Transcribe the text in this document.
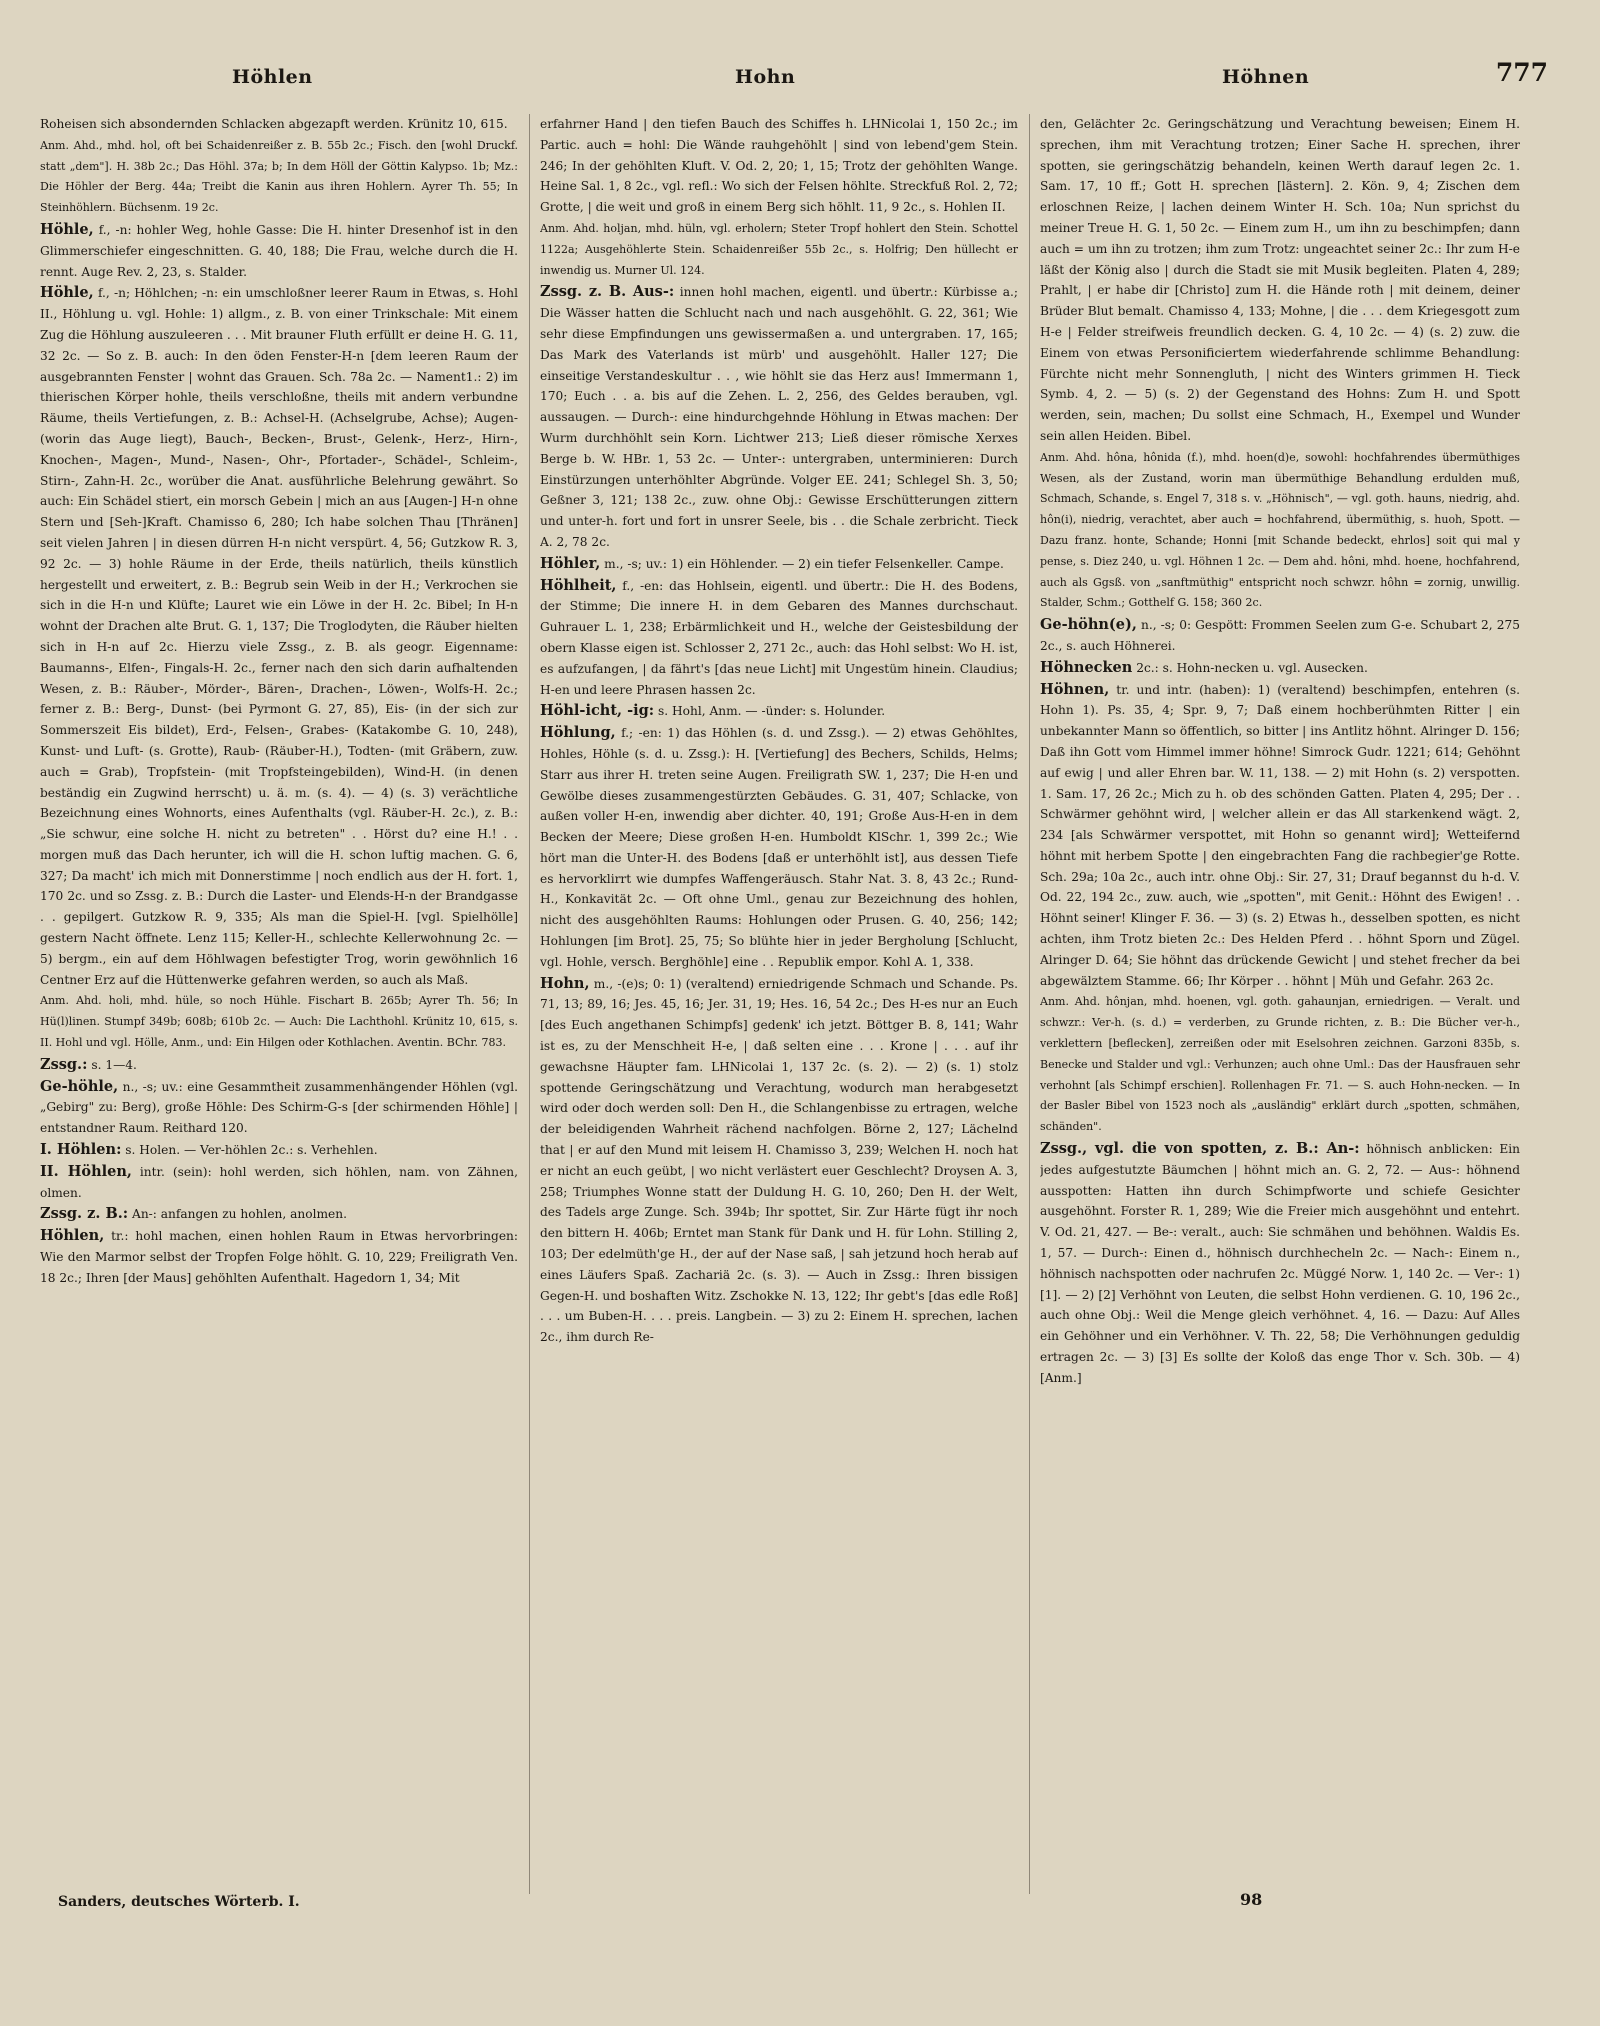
Höhlen	Hohn	Höhnen	777

Roheisen sich absondernden Schlacken abgezapft werden. Krünitz 10, 615.

Anm. Ahd., mhd. hol, oft bei Schaidenreißer z. B. 55b 2c.; Fisch. den [wohl Druckf. statt „dem"]. H. 38b 2c.; Das Höhl. 37a; b; In dem Höll der Göttin Kalypso. 1b; Mz.: Die Höhler der Berg. 44a; Treibt die Kanin aus ihren Hohlern. Ayrer Th. 55; In Steinhöhlern. Büchsenm. 19 2c.

Höhle, f., -n: hohler Weg, hohle Gasse: Die H. hinter Dresenhof ist in den Glimmerschiefer eingeschnitten. G. 40, 188; Die Frau, welche durch die H. rennt. Auge Rev. 2, 23, s. Stalder.

Höhle, f., -n; Höhlchen; -n: ein umschloßner leerer Raum in Etwas, s. Hohl II., Höhlung u. vgl. Hohle: 1) allgm., z. B. von einer Trinkschale: Mit einem Zug die Höhlung auszuleeren . . . Mit brauner Fluth erfüllt er deine H. G. 11, 32 2c. — So z. B. auch: In den öden Fenster-H-n [dem leeren Raum der ausgebrannten Fenster | wohnt das Grauen. Sch. 78a 2c. — Nament1.: 2) im thierischen Körper hohle, theils verschloßne, theils mit andern verbundne Räume, theils Vertiefungen, z. B.: Achsel-H. (Achselgrube, Achse); Augen- (worin das Auge liegt), Bauch-, Becken-, Brust-, Gelenk-, Herz-, Hirn-, Knochen-, Magen-, Mund-, Nasen-, Ohr-, Pfortader-, Schädel-, Schleim-, Stirn-, Zahn-H. 2c., worüber die Anat. ausführliche Belehrung gewährt. So auch: Ein Schädel stiert, ein morsch Gebein | mich an aus [Augen-] H-n ohne Stern und [Seh-]Kraft. Chamisso 6, 280; Ich habe solchen Thau [Thränen] seit vielen Jahren | in diesen dürren H-n nicht verspürt. 4, 56; Gutzkow R. 3, 92 2c. — 3) hohle Räume in der Erde, theils natürlich, theils künstlich hergestellt und erweitert, z. B.: Begrub sein Weib in der H.; Verkrochen sie sich in die H-n und Klüfte; Lauret wie ein Löwe in der H. 2c. Bibel; In H-n wohnt der Drachen alte Brut. G. 1, 137; Die Troglodyten, die Räuber hielten sich in H-n auf 2c. Hierzu viele Zssg., z. B. als geogr. Eigenname: Baumanns-, Elfen-, Fingals-H. 2c., ferner nach den sich darin aufhaltenden Wesen, z. B.: Räuber-, Mörder-, Bären-, Drachen-, Löwen-, Wolfs-H. 2c.; ferner z. B.: Berg-, Dunst- (bei Pyrmont G. 27, 85), Eis- (in der sich zur Sommerszeit Eis bildet), Erd-, Felsen-, Grabes- (Katakombe G. 10, 248), Kunst- und Luft- (s. Grotte), Raub- (Räuber-H.), Todten- (mit Gräbern, zuw. auch = Grab), Tropfstein- (mit Tropfsteingebilden), Wind-H. (in denen beständig ein Zugwind herrscht) u. ä. m. (s. 4). — 4) (s. 3) verächtliche Bezeichnung eines Wohnorts, eines Aufenthalts (vgl. Räuber-H. 2c.), z. B.: „Sie schwur, eine solche H. nicht zu betreten" . . Hörst du? eine H.! . . morgen muß das Dach herunter, ich will die H. schon luftig machen. G. 6, 327; Da macht' ich mich mit Donnerstimme | noch endlich aus der H. fort. 1, 170 2c. und so Zssg. z. B.: Durch die Laster- und Elends-H-n der Brandgasse . . gepilgert. Gutzkow R. 9, 335; Als man die Spiel-H. [vgl. Spielhölle] gestern Nacht öffnete. Lenz 115; Keller-H., schlechte Kellerwohnung 2c. — 5) bergm., ein auf dem Höhlwagen befestigter Trog, worin gewöhnlich 16 Centner Erz auf die Hüttenwerke gefahren werden, so auch als Maß.

Anm. Ahd. holi, mhd. hüle, so noch Hühle. Fischart B. 265b; Ayrer Th. 56; In Hü(l)linen. Stumpf 349b; 608b; 610b 2c. — Auch: Die Lachthohl. Krünitz 10, 615, s. II. Hohl und vgl. Hölle, Anm., und: Ein Hilgen oder Kothlachen. Aventin. BChr. 783.

Zssg.: s. 1—4.

Ge-höhle, n., -s; uv.: eine Gesammtheit zusammenhängender Höhlen (vgl. „Gebirg" zu: Berg), große Höhle: Des Schirm-G-s [der schirmenden Höhle] | entstandner Raum. Reithard 120.

I. Höhlen: s. Holen. — Ver-höhlen 2c.: s. Verhehlen.

II. Höhlen, intr. (sein): hohl werden, sich höhlen, nam. von Zähnen, olmen.

Zssg. z. B.: An-: anfangen zu hohlen, anolmen.

Höhlen, tr.: hohl machen, einen hohlen Raum in Etwas hervorbringen: Wie den Marmor selbst der Tropfen Folge höhlt. G. 10, 229; Freiligrath Ven. 18 2c.; Ihren [der Maus] gehöhlten Aufenthalt. Hagedorn 1, 34; Mit

erfahrner Hand | den tiefen Bauch des Schiffes h. LHNicolai 1, 150 2c.; im Partic. auch = hohl: Die Wände rauhgehöhlt | sind von lebend'gem Stein. 246; In der gehöhlten Kluft. V. Od. 2, 20; 1, 15; Trotz der gehöhlten Wange. Heine Sal. 1, 8 2c., vgl. refl.: Wo sich der Felsen höhlte. Streckfuß Rol. 2, 72; Grotte, | die weit und groß in einem Berg sich höhlt. 11, 9 2c., s. Hohlen II.

Anm. Ahd. holjan, mhd. hüln, vgl. erholern; Steter Tropf hohlert den Stein. Schottel 1122a; Ausgehöhlerte Stein. Schaidenreißer 55b 2c., s. Holfrig; Den hüllecht er inwendig us. Murner Ul. 124.

Zssg. z. B. Aus-: innen hohl machen, eigentl. und übertr.: Kürbisse a.; Die Wässer hatten die Schlucht nach und nach ausgehöhlt. G. 22, 361; Wie sehr diese Empfindungen uns gewissermaßen a. und untergraben. 17, 165; Das Mark des Vaterlands ist mürb' und ausgehöhlt. Haller 127; Die einseitige Verstandeskultur . . , wie höhlt sie das Herz aus! Immermann 1, 170; Euch . . a. bis auf die Zehen. L. 2, 256, des Geldes berauben, vgl. aussaugen. — Durch-: eine hindurchgehnde Höhlung in Etwas machen: Der Wurm durchhöhlt sein Korn. Lichtwer 213; Ließ dieser römische Xerxes Berge b. W. HBr. 1, 53 2c. — Unter-: untergraben, unterminieren: Durch Einstürzungen unterhöhlter Abgründe. Volger EE. 241; Schlegel Sh. 3, 50; Geßner 3, 121; 138 2c., zuw. ohne Obj.: Gewisse Erschütterungen zittern und unter-h. fort und fort in unsrer Seele, bis . . die Schale zerbricht. Tieck A. 2, 78 2c.

Höhler, m., -s; uv.: 1) ein Höhlender. — 2) ein tiefer Felsenkeller. Campe.

Höhlheit, f., -en: das Hohlsein, eigentl. und übertr.: Die H. des Bodens, der Stimme; Die innere H. in dem Gebaren des Mannes durchschaut. Guhrauer L. 1, 238; Erbärmlichkeit und H., welche der Geistesbildung der obern Klasse eigen ist. Schlosser 2, 271 2c., auch: das Hohl selbst: Wo H. ist, es aufzufangen, | da fährt's [das neue Licht] mit Ungestüm hinein. Claudius; H-en und leere Phrasen hassen 2c.

Höhl-icht, -ig: s. Hohl, Anm. — -ünder: s. Holunder.

Höhlung, f.; -en: 1) das Höhlen (s. d. und Zssg.). — 2) etwas Gehöhltes, Hohles, Höhle (s. d. u. Zssg.): H. [Vertiefung] des Bechers, Schilds, Helms; Starr aus ihrer H. treten seine Augen. Freiligrath SW. 1, 237; Die H-en und Gewölbe dieses zusammengestürzten Gebäudes. G. 31, 407; Schlacke, von außen voller H-en, inwendig aber dichter. 40, 191; Große Aus-H-en in dem Becken der Meere; Diese großen H-en. Humboldt KlSchr. 1, 399 2c.; Wie hört man die Unter-H. des Bodens [daß er unterhöhlt ist], aus dessen Tiefe es hervorklirrt wie dumpfes Waffengeräusch. Stahr Nat. 3. 8, 43 2c.; Rund-H., Konkavität 2c. — Oft ohne Uml., genau zur Bezeichnung des hohlen, nicht des ausgehöhlten Raums: Hohlungen oder Prusen. G. 40, 256; 142; Hohlungen [im Brot]. 25, 75; So blühte hier in jeder Bergholung [Schlucht, vgl. Hohle, versch. Berghöhle] eine . . Republik empor. Kohl A. 1, 338.

Hohn, m., -(e)s; 0: 1) (veraltend) erniedrigende Schmach und Schande. Ps. 71, 13; 89, 16; Jes. 45, 16; Jer. 31, 19; Hes. 16, 54 2c.; Des H-es nur an Euch [des Euch angethanen Schimpfs] gedenk' ich jetzt. Böttger B. 8, 141; Wahr ist es, zu der Menschheit H-e, | daß selten eine . . . Krone | . . . auf ihr gewachsne Häupter fam. LHNicolai 1, 137 2c. (s. 2). — 2) (s. 1) stolz spottende Geringschätzung und Verachtung, wodurch man herabgesetzt wird oder doch werden soll: Den H., die Schlangenbisse zu ertragen, welche der beleidigenden Wahrheit rächend nachfolgen. Börne 2, 127; Lächelnd that | er auf den Mund mit leisem H. Chamisso 3, 239; Welchen H. noch hat er nicht an euch geübt, | wo nicht verlästert euer Geschlecht? Droysen A. 3, 258; Triumphes Wonne statt der Duldung H. G. 10, 260; Den H. der Welt, des Tadels arge Zunge. Sch. 394b; Ihr spottet, Sir. Zur Härte fügt ihr noch den bittern H. 406b; Erntet man Stank für Dank und H. für Lohn. Stilling 2, 103; Der edelmüth'ge H., der auf der Nase saß, | sah jetzund hoch herab auf eines Läufers Spaß. Zachariä 2c. (s. 3). — Auch in Zssg.: Ihren bissigen Gegen-H. und boshaften Witz. Zschokke N. 13, 122; Ihr gebt's [das edle Roß] . . . um Buben-H. . . . preis. Langbein. — 3) zu 2: Einem H. sprechen, lachen 2c., ihm durch Re-

den, Gelächter 2c. Geringschätzung und Verachtung beweisen; Einem H. sprechen, ihm mit Verachtung trotzen; Einer Sache H. sprechen, ihrer spotten, sie geringschätzig behandeln, keinen Werth darauf legen 2c. 1. Sam. 17, 10 ff.; Gott H. sprechen [lästern]. 2. Kön. 9, 4; Zischen dem erloschnen Reize, | lachen deinem Winter H. Sch. 10a; Nun sprichst du meiner Treue H. G. 1, 50 2c. — Einem zum H., um ihn zu beschimpfen; dann auch = um ihn zu trotzen; ihm zum Trotz: ungeachtet seiner 2c.: Ihr zum H-e läßt der König also | durch die Stadt sie mit Musik begleiten. Platen 4, 289; Prahlt, | er habe dir [Christo] zum H. die Hände roth | mit deinem, deiner Brüder Blut bemalt. Chamisso 4, 133; Mohne, | die . . . dem Kriegesgott zum H-e | Felder streifweis freundlich decken. G. 4, 10 2c. — 4) (s. 2) zuw. die Einem von etwas Personificiertem wiederfahrende schlimme Behandlung: Fürchte nicht mehr Sonnengluth, | nicht des Winters grimmen H. Tieck Symb. 4, 2. — 5) (s. 2) der Gegenstand des Hohns: Zum H. und Spott werden, sein, machen; Du sollst eine Schmach, H., Exempel und Wunder sein allen Heiden. Bibel.

Anm. Ahd. hôna, hônida (f.), mhd. hoen(d)e, sowohl: hochfahrendes übermüthiges Wesen, als der Zustand, worin man übermüthige Behandlung erdulden muß, Schmach, Schande, s. Engel 7, 318 s. v. „Höhnisch", — vgl. goth. hauns, niedrig, ahd. hôn(i), niedrig, verachtet, aber auch = hochfahrend, übermüthig, s. huoh, Spott. — Dazu franz. honte, Schande; Honni [mit Schande bedeckt, ehrlos] soit qui mal y pense, s. Diez 240, u. vgl. Höhnen 1 2c. — Dem ahd. hôni, mhd. hoene, hochfahrend, auch als Ggsß. von „sanftmüthig" entspricht noch schwzr. hôhn = zornig, unwillig. Stalder, Schm.; Gotthelf G. 158; 360 2c.

Ge-höhn(e), n., -s; 0: Gespött: Frommen Seelen zum G-e. Schubart 2, 275 2c., s. auch Höhnerei.

Höhnecken 2c.: s. Hohn-necken u. vgl. Ausecken.

Höhnen, tr. und intr. (haben): 1) (veraltend) beschimpfen, entehren (s. Hohn 1). Ps. 35, 4; Spr. 9, 7; Daß einem hochberühmten Ritter | ein unbekannter Mann so öffentlich, so bitter | ins Antlitz höhnt. Alringer D. 156; Daß ihn Gott vom Himmel immer höhne! Simrock Gudr. 1221; 614; Gehöhnt auf ewig | und aller Ehren bar. W. 11, 138. — 2) mit Hohn (s. 2) verspotten. 1. Sam. 17, 26 2c.; Mich zu h. ob des schönden Gatten. Platen 4, 295; Der . . Schwärmer gehöhnt wird, | welcher allein er das All starkenkend wägt. 2, 234 [als Schwärmer verspottet, mit Hohn so genannt wird]; Wetteifernd höhnt mit herbem Spotte | den eingebrachten Fang die rachbegier'ge Rotte. Sch. 29a; 10a 2c., auch intr. ohne Obj.: Sir. 27, 31; Drauf begannst du h-d. V. Od. 22, 194 2c., zuw. auch, wie „spotten", mit Genit.: Höhnt des Ewigen! . . Höhnt seiner! Klinger F. 36. — 3) (s. 2) Etwas h., desselben spotten, es nicht achten, ihm Trotz bieten 2c.: Des Helden Pferd . . höhnt Sporn und Zügel. Alringer D. 64; Sie höhnt das drückende Gewicht | und stehet frecher da bei abgewälztem Stamme. 66; Ihr Körper . . höhnt | Müh und Gefahr. 263 2c.

Anm. Ahd. hônjan, mhd. hoenen, vgl. goth. gahaunjan, erniedrigen. — Veralt. und schwzr.: Ver-h. (s. d.) = verderben, zu Grunde richten, z. B.: Die Bücher ver-h., verklettern [beflecken], zerreißen oder mit Eselsohren zeichnen. Garzoni 835b, s. Benecke und Stalder und vgl.: Verhunzen; auch ohne Uml.: Das der Hausfrauen sehr verhohnt [als Schimpf erschien]. Rollenhagen Fr. 71. — S. auch Hohn-necken. — In der Basler Bibel von 1523 noch als „ausländig" erklärt durch „spotten, schmähen, schänden".

Zssg., vgl. die von spotten, z. B.: An-: höhnisch anblicken: Ein jedes aufgestutzte Bäumchen | höhnt mich an. G. 2, 72. — Aus-: höhnend ausspotten: Hatten ihn durch Schimpfworte und schiefe Gesichter ausgehöhnt. Forster R. 1, 289; Wie die Freier mich ausgehöhnt und entehrt. V. Od. 21, 427. — Be-: veralt., auch: Sie schmähen und behöhnen. Waldis Es. 1, 57. — Durch-: Einen d., höhnisch durchhecheln 2c. — Nach-: Einem n., höhnisch nachspotten oder nachrufen 2c. Müggé Norw. 1, 140 2c. — Ver-: 1) [1]. — 2) [2] Verhöhnt von Leuten, die selbst Hohn verdienen. G. 10, 196 2c., auch ohne Obj.: Weil die Menge gleich verhöhnet. 4, 16. — Dazu: Auf Alles ein Gehöhner und ein Verhöhner. V. Th. 22, 58; Die Verhöhnungen geduldig ertragen 2c. — 3) [3] Es sollte der Koloß das enge Thor v. Sch. 30b. — 4) [Anm.]

Sanders, deutsches Wörterb. I.	98
